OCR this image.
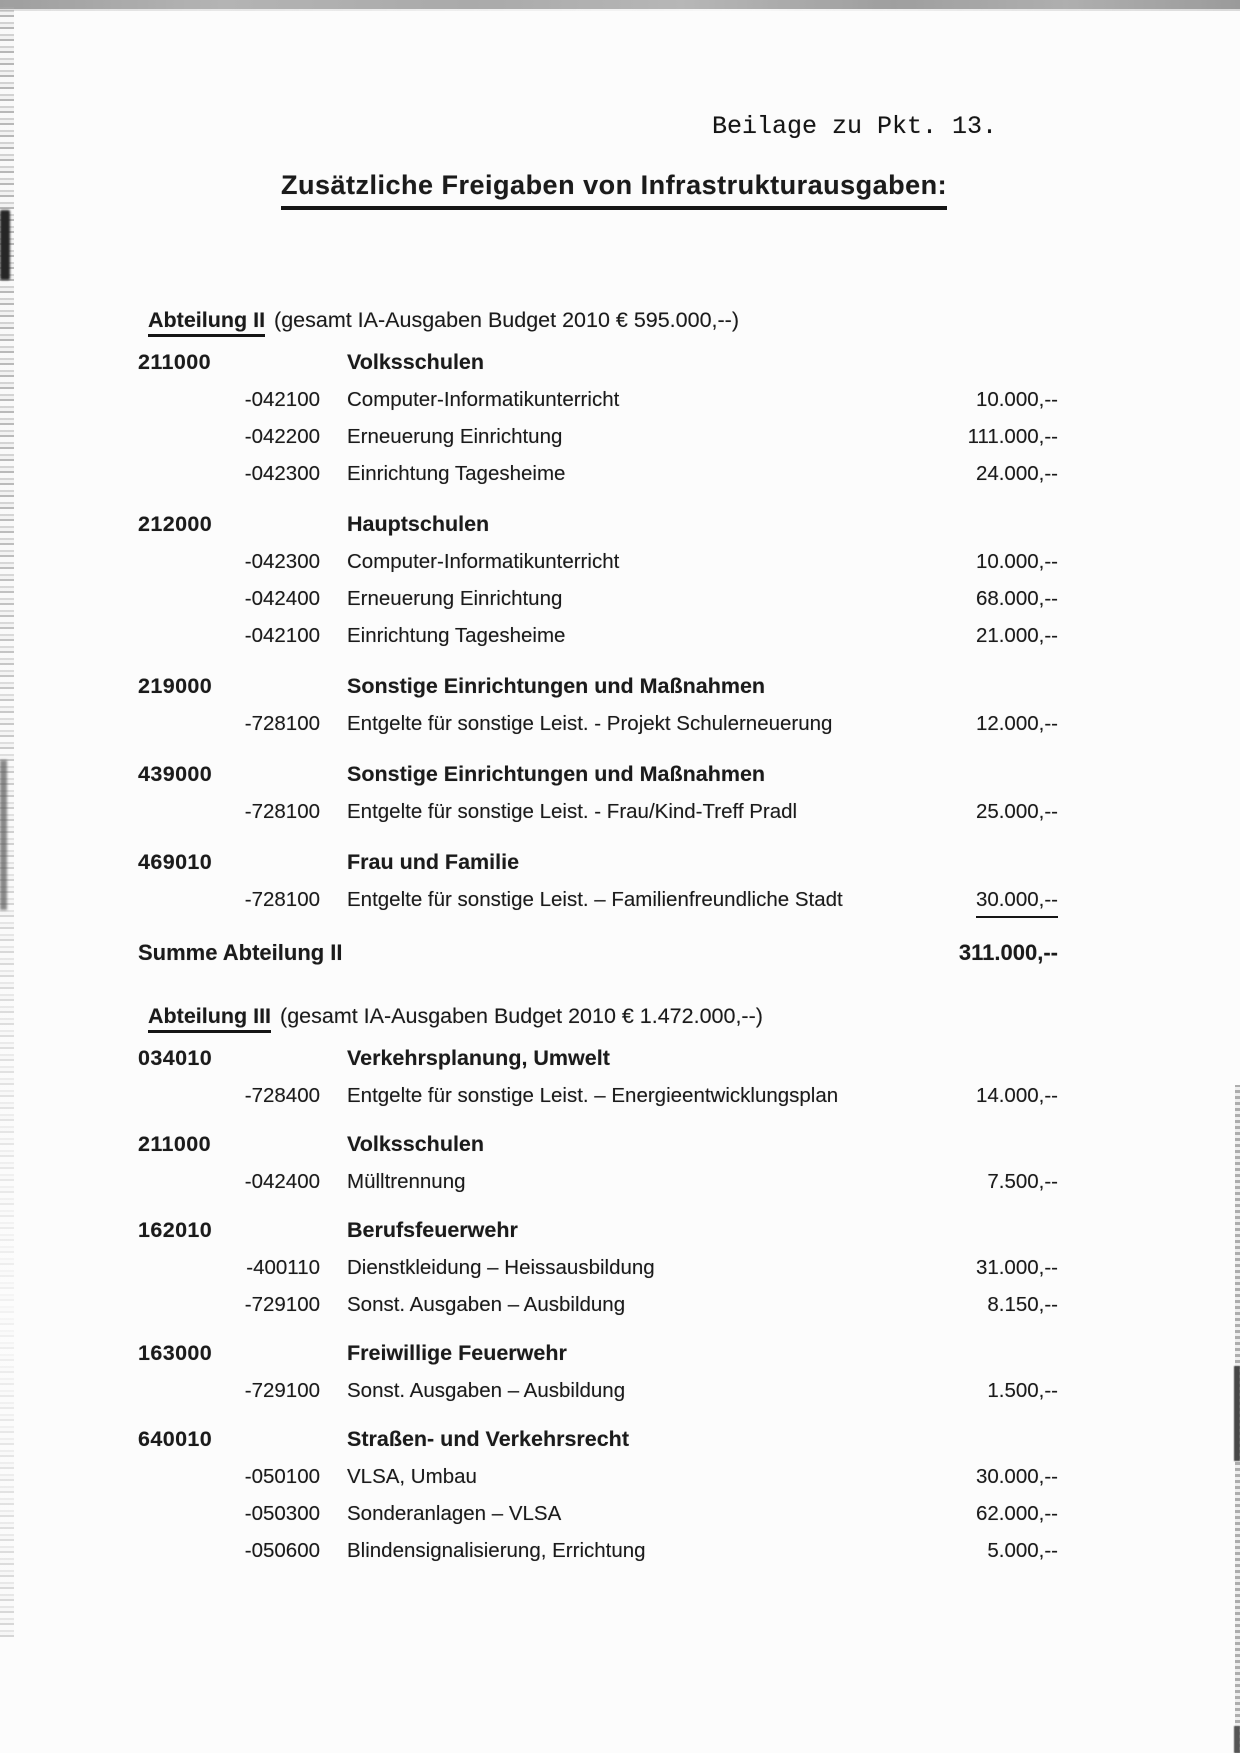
Beilage zu Pkt. 13.
Zusätzliche Freigaben von Infrastrukturausgaben:
Abteilung II (gesamt IA-Ausgaben Budget 2010 € 595.000,--)
211000	Volksschulen
-042100 Computer-Informatikunterricht	10.000,--
-042200 Erneuerung Einrichtung	111.000,--
-042300 Einrichtung Tagesheime	24.000,--
212000	Hauptschulen
-042300 Computer-Informatikunterricht	10.000,--
-042400 Erneuerung Einrichtung	68.000,--
-042100 Einrichtung Tagesheime	21.000,--
219000	Sonstige Einrichtungen und Maßnahmen
-728100 Entgelte für sonstige Leist. - Projekt Schulerneuerung	12.000,--
439000	Sonstige Einrichtungen und Maßnahmen
-728100 Entgelte für sonstige Leist. - Frau/Kind-Treff Pradl	25.000,--
469010	Frau und Familie
-728100 Entgelte für sonstige Leist. – Familienfreundliche Stadt	30.000,--
Summe Abteilung II	311.000,--
Abteilung III (gesamt IA-Ausgaben Budget 2010 € 1.472.000,--)
034010	Verkehrsplanung, Umwelt
-728400 Entgelte für sonstige Leist. – Energieentwicklungsplan	14.000,--
211000	Volksschulen
-042400 Mülltrennung	7.500,--
162010	Berufsfeuerwehr
-400110 Dienstkleidung – Heissausbildung	31.000,--
-729100 Sonst. Ausgaben – Ausbildung	8.150,--
163000	Freiwillige Feuerwehr
-729100 Sonst. Ausgaben – Ausbildung	1.500,--
640010	Straßen- und Verkehrsrecht
-050100 VLSA, Umbau	30.000,--
-050300 Sonderanlagen – VLSA	62.000,--
-050600 Blindensignalisierung, Errichtung	5.000,--
